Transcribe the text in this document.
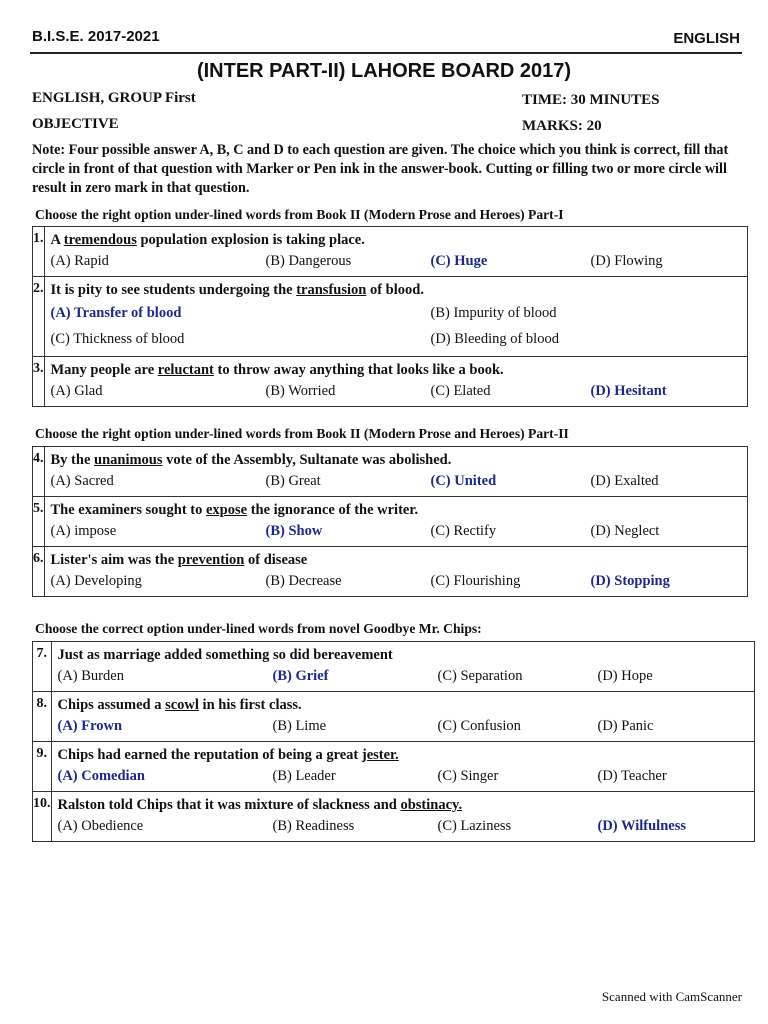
B.I.S.E. 2017-2021	ENGLISH
(INTER PART-II) LAHORE BOARD 2017)
ENGLISH, GROUP First	TIME: 30 MINUTES
OBJECTIVE	MARKS: 20
Note: Four possible answer A, B, C and D to each question are given. The choice which you think is correct, fill that circle in front of that question with Marker or Pen ink in the answer-book. Cutting or filling two or more circle will result in zero mark in that question.
Choose the right option under-lined words from Book II (Modern Prose and Heroes) Part-I
1.	A tremendous population explosion is taking place.
(A) Rapid (B) Dangerous (C) Huge (D) Flowing

2.	It is pity to see students undergoing the transfusion of blood.
(A) Transfer of blood (B) Impurity of blood
(C) Thickness of blood (D) Bleeding of blood

3.	Many people are reluctant to throw away anything that looks like a book.
(A) Glad (B) Worried (C) Elated (D) Hesitant
Choose the right option under-lined words from Book II (Modern Prose and Heroes) Part-II
4.	By the unanimous vote of the Assembly, Sultanate was abolished.
(A) Sacred (B) Great (C) United (D) Exalted

5.	The examiners sought to expose the ignorance of the writer.
(A) impose (B) Show (C) Rectify (D) Neglect

6.	Lister's aim was the prevention of disease
(A) Developing (B) Decrease (C) Flourishing (D) Stopping
Choose the correct option under-lined words from novel Goodbye Mr. Chips:
7.	Just as marriage added something so did bereavement
(A) Burden (B) Grief (C) Separation (D) Hope

8.	Chips assumed a scowl in his first class.
(A) Frown (B) Lime (C) Confusion (D) Panic

9.	Chips had earned the reputation of being a great jester.
(A) Comedian (B) Leader (C) Singer (D) Teacher

10.	Ralston told Chips that it was mixture of slackness and obstinacy.
(A) Obedience (B) Readiness (C) Laziness (D) Wilfulness
Scanned with CamScanner
